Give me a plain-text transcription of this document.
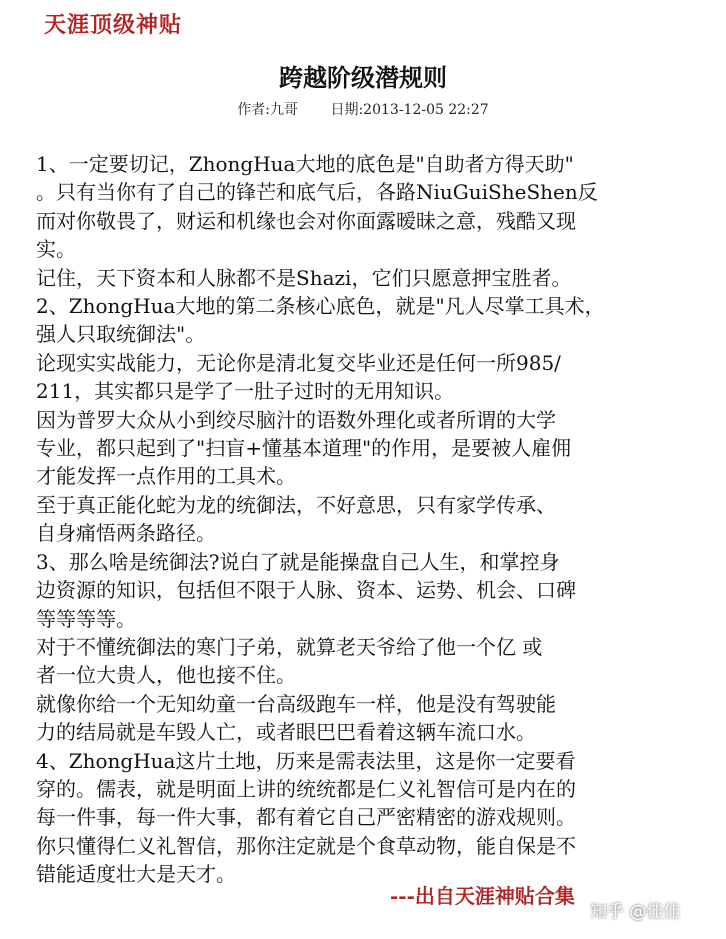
天涯顶级神贴
跨越阶级潜规则
作者:九哥 日期:2013-12-05 22:27
1、一定要切记，ZhongHua大地的底色是"自助者方得天助"
。只有当你有了自己的锋芒和底气后，各路NiuGuiSheShen反
而对你敬畏了，财运和机缘也会对你面露暧昧之意，残酷又现
实。
记住，天下资本和人脉都不是Shazi，它们只愿意押宝胜者。
2、ZhongHua大地的第二条核心底色，就是"凡人尽掌工具术，
强人只取统御法"。
论现实实战能力，无论你是清北复交毕业还是任何一所985/
211，其实都只是学了一肚子过时的无用知识。
因为普罗大众从小到绞尽脑汁的语数外理化或者所谓的大学
专业，都只起到了"扫盲+懂基本道理"的作用，是要被人雇佣
才能发挥一点作用的工具术。
至于真正能化蛇为龙的统御法，不好意思，只有家学传承、
自身痛悟两条路径。
3、那么啥是统御法?说白了就是能操盘自己人生，和掌控身
边资源的知识，包括但不限于人脉、资本、运势、机会、口碑
等等等等。
对于不懂统御法的寒门子弟，就算老天爷给了他一个亿 或
者一位大贵人，他也接不住。
就像你给一个无知幼童一台高级跑车一样，他是没有驾驶能
力的结局就是车毁人亡，或者眼巴巴看着这辆车流口水。
4、ZhongHua这片土地，历来是需表法里，这是你一定要看
穿的。儒表，就是明面上讲的统统都是仁义礼智信可是内在的
每一件事，每一件大事，都有着它自己严密精密的游戏规则。
你只懂得仁义礼智信，那你注定就是个食草动物，能自保是不
错能适度壮大是天才。
---出自天涯神贴合集
知乎 @佳佳
